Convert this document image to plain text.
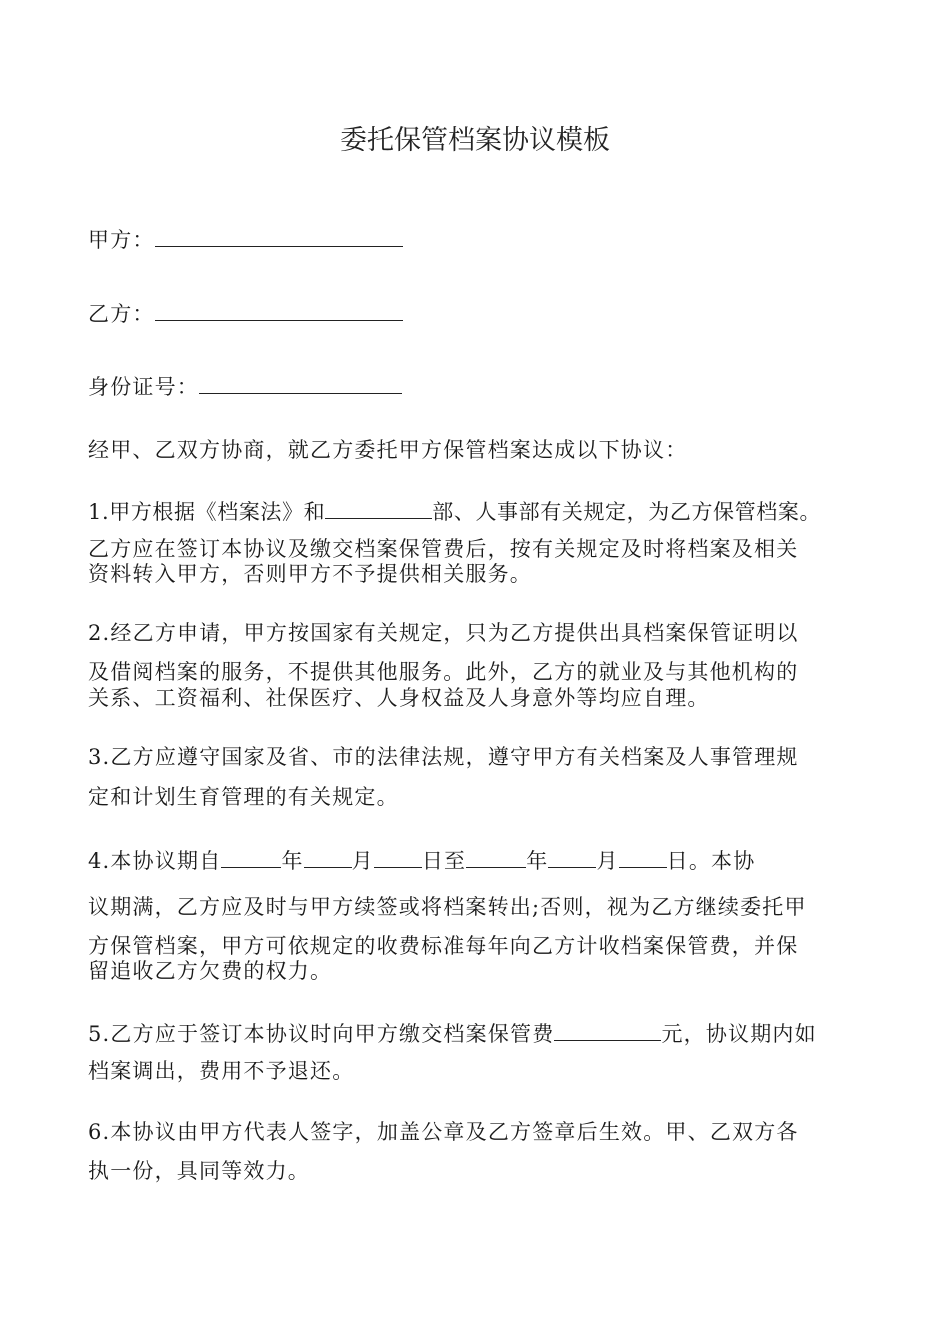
委托保管档案协议模板
甲方：
乙方：
身份证号：
经甲、乙双方协商，就乙方委托甲方保管档案达成以下协议：
1.甲方根据《档案法》和	部、人事部有关规定，为乙方保管档案。
乙方应在签订本协议及缴交档案保管费后，按有关规定及时将档案及相关
资料转入甲方，否则甲方不予提供相关服务。
2.经乙方申请，甲方按国家有关规定，只为乙方提供出具档案保管证明以
及借阅档案的服务，不提供其他服务。此外，乙方的就业及与其他机构的
关系、工资福利、社保医疗、人身权益及人身意外等均应自理。
3.乙方应遵守国家及省、市的法律法规，遵守甲方有关档案及人事管理规
定和计划生育管理的有关规定。
4.本协议期自	年 月 日至	年 月 日。本协
议期满，乙方应及时与甲方续签或将档案转出;否则，视为乙方继续委托甲
方保管档案，甲方可依规定的收费标准每年向乙方计收档案保管费，并保
留追收乙方欠费的权力。
5.乙方应于签订本协议时向甲方缴交档案保管费	元，协议期内如
档案调出，费用不予退还。
6.本协议由甲方代表人签字，加盖公章及乙方签章后生效。甲、乙双方各
执一份，具同等效力。
